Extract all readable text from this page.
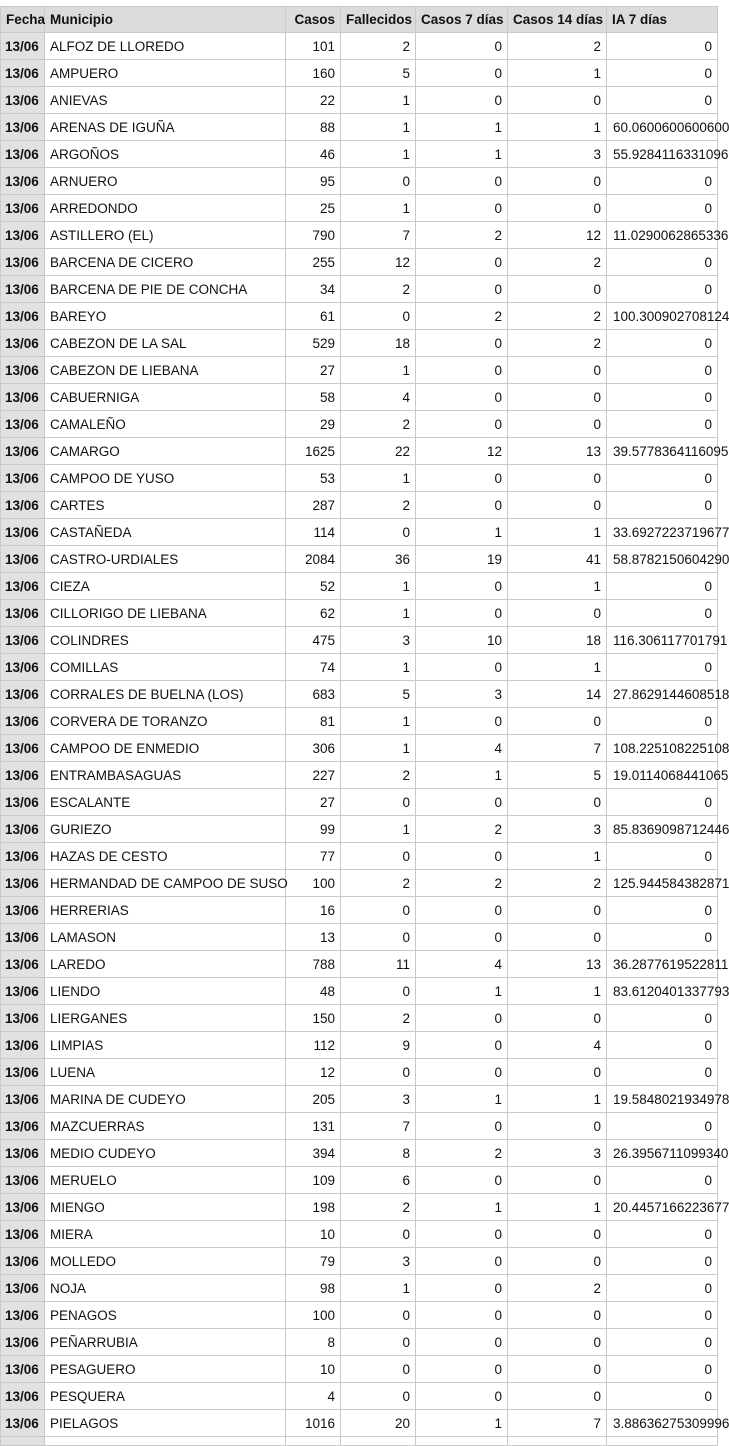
Fecha	Municipio	Casos	Fallecidos	Casos 7 días	Casos 14 días	IA 7 días
13/06	ALFOZ DE LLOREDO	101	2	0	2	0
13/06	AMPUERO	160	5	0	1	0
13/06	ANIEVAS	22	1	0	0	0
13/06	ARENAS DE IGUÑA	88	1	1	1	60.0600600600600
13/06	ARGOÑOS	46	1	1	3	55.9284116331096
13/06	ARNUERO	95	0	0	0	0
13/06	ARREDONDO	25	1	0	0	0
13/06	ASTILLERO (EL)	790	7	2	12	11.0290062865336
13/06	BARCENA DE CICERO	255	12	0	2	0
13/06	BARCENA DE PIE DE CONCHA	34	2	0	0	0
13/06	BAREYO	61	0	2	2	100.300902708124
13/06	CABEZON DE LA SAL	529	18	0	2	0
13/06	CABEZON DE LIEBANA	27	1	0	0	0
13/06	CABUERNIGA	58	4	0	0	0
13/06	CAMALEÑO	29	2	0	0	0
13/06	CAMARGO	1625	22	12	13	39.5778364116095
13/06	CAMPOO DE YUSO	53	1	0	0	0
13/06	CARTES	287	2	0	0	0
13/06	CASTAÑEDA	114	0	1	1	33.6927223719677
13/06	CASTRO-URDIALES	2084	36	19	41	58.8782150604290
13/06	CIEZA	52	1	0	1	0
13/06	CILLORIGO DE LIEBANA	62	1	0	0	0
13/06	COLINDRES	475	3	10	18	116.306117701791
13/06	COMILLAS	74	1	0	1	0
13/06	CORRALES DE BUELNA (LOS)	683	5	3	14	27.8629144608518
13/06	CORVERA DE TORANZO	81	1	0	0	0
13/06	CAMPOO DE ENMEDIO	306	1	4	7	108.225108225108
13/06	ENTRAMBASAGUAS	227	2	1	5	19.0114068441065
13/06	ESCALANTE	27	0	0	0	0
13/06	GURIEZO	99	1	2	3	85.8369098712446
13/06	HAZAS DE CESTO	77	0	0	1	0
13/06	HERMANDAD DE CAMPOO DE SUSO	100	2	2	2	125.944584382871
13/06	HERRERIAS	16	0	0	0	0
13/06	LAMASON	13	0	0	0	0
13/06	LAREDO	788	11	4	13	36.2877619522811
13/06	LIENDO	48	0	1	1	83.6120401337793
13/06	LIERGANES	150	2	0	0	0
13/06	LIMPIAS	112	9	0	4	0
13/06	LUENA	12	0	0	0	0
13/06	MARINA DE CUDEYO	205	3	1	1	19.5848021934978
13/06	MAZCUERRAS	131	7	0	0	0
13/06	MEDIO CUDEYO	394	8	2	3	26.3956711099340
13/06	MERUELO	109	6	0	0	0
13/06	MIENGO	198	2	1	1	20.4457166223677
13/06	MIERA	10	0	0	0	0
13/06	MOLLEDO	79	3	0	0	0
13/06	NOJA	98	1	0	2	0
13/06	PENAGOS	100	0	0	0	0
13/06	PEÑARRUBIA	8	0	0	0	0
13/06	PESAGUERO	10	0	0	0	0
13/06	PESQUERA	4	0	0	0	0
13/06	PIELAGOS	1016	20	1	7	3.88636275309996
